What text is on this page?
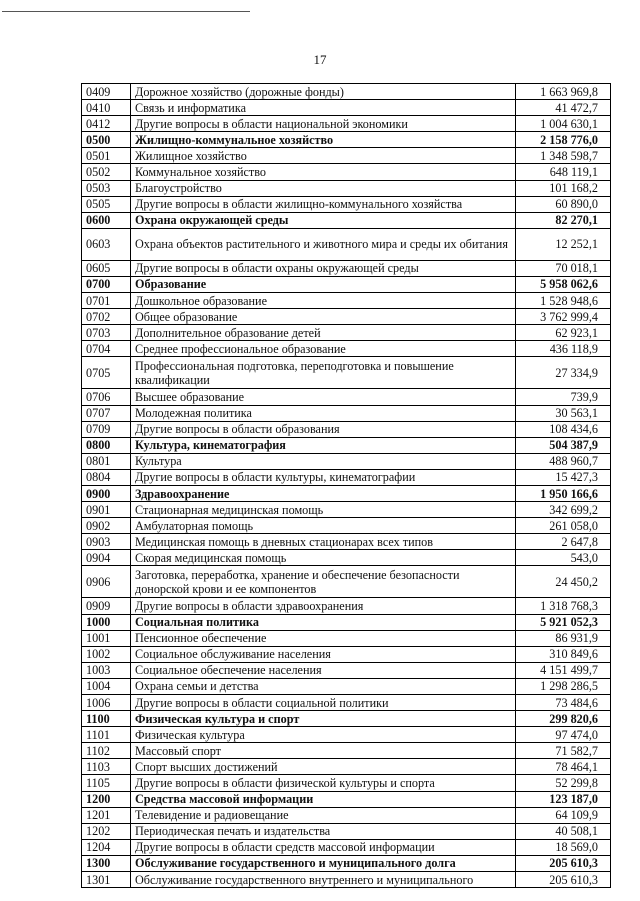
17
0409	Дорожное хозяйство (дорожные фонды)	1 663 969,8
0410	Связь и информатика	41 472,7
0412	Другие вопросы в области национальной экономики	1 004 630,1
0500	Жилищно-коммунальное хозяйство	2 158 776,0
0501	Жилищное хозяйство	1 348 598,7
0502	Коммунальное хозяйство	648 119,1
0503	Благоустройство	101 168,2
0505	Другие вопросы в области жилищно-коммунального хозяйства	60 890,0
0600	Охрана окружающей среды	82 270,1
0603	Охрана объектов растительного и животного мира и среды их обитания	12 252,1
0605	Другие вопросы в области охраны окружающей среды	70 018,1
0700	Образование	5 958 062,6
0701	Дошкольное образование	1 528 948,6
0702	Общее образование	3 762 999,4
0703	Дополнительное образование детей	62 923,1
0704	Среднее профессиональное образование	436 118,9
0705	Профессиональная подготовка, переподготовка и повышение квалификации	27 334,9
0706	Высшее образование	739,9
0707	Молодежная политика	30 563,1
0709	Другие вопросы в области образования	108 434,6
0800	Культура, кинематография	504 387,9
0801	Культура	488 960,7
0804	Другие вопросы в области культуры, кинематографии	15 427,3
0900	Здравоохранение	1 950 166,6
0901	Стационарная медицинская помощь	342 699,2
0902	Амбулаторная помощь	261 058,0
0903	Медицинская помощь в дневных стационарах всех типов	2 647,8
0904	Скорая медицинская помощь	543,0
0906	Заготовка, переработка, хранение и обеспечение безопасности донорской крови и ее компонентов	24 450,2
0909	Другие вопросы в области здравоохранения	1 318 768,3
1000	Социальная политика	5 921 052,3
1001	Пенсионное обеспечение	86 931,9
1002	Социальное обслуживание населения	310 849,6
1003	Социальное обеспечение населения	4 151 499,7
1004	Охрана семьи и детства	1 298 286,5
1006	Другие вопросы в области социальной политики	73 484,6
1100	Физическая культура и спорт	299 820,6
1101	Физическая культура	97 474,0
1102	Массовый спорт	71 582,7
1103	Спорт высших достижений	78 464,1
1105	Другие вопросы в области физической культуры и спорта	52 299,8
1200	Средства массовой информации	123 187,0
1201	Телевидение и радиовещание	64 109,9
1202	Периодическая печать и издательства	40 508,1
1204	Другие вопросы в области средств массовой информации	18 569,0
1300	Обслуживание государственного и муниципального долга	205 610,3
1301	Обслуживание государственного внутреннего и муниципального	205 610,3
